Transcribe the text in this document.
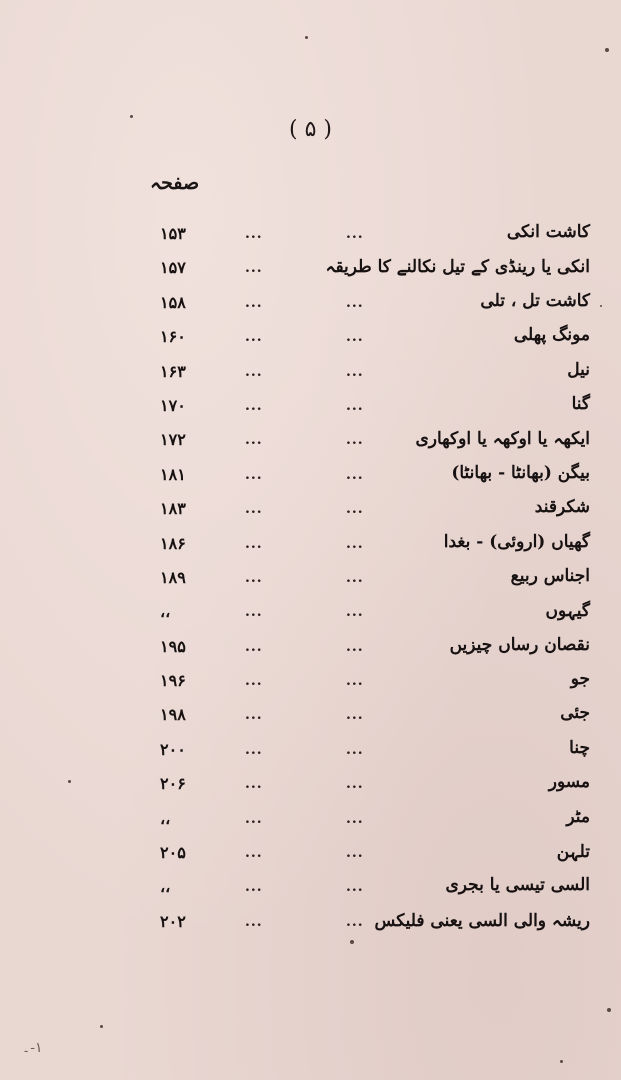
( ۵ )
صفحہ
کاشت انکی
...
...
۱۵۳
انکی یا رینڈی کے تیل نکالنے کا طریقہ
...
۱۵۷
کاشت تل ، تلی
...
...
۱۵۸
مونگ پھلی
...
...
۱۶۰
نیل
...
...
۱۶۳
گنا
...
...
۱۷۰
ایکھہ یا اوکھہ یا اوکھاری
...
...
۱۷۲
بیگن (بھانٹا - بھانٹا)
...
...
۱۸۱
شکرقند
...
...
۱۸۳
گھیاں (اروئی) - بغدا
...
...
۱۸۶
اجناس ربیع
...
...
۱۸۹
گیہوں
...
...
،،
نقصان رساں چیزیں
...
...
۱۹۵
جو
...
...
۱۹۶
جئی
...
...
۱۹۸
چنا
...
...
۲۰۰
مسور
...
...
۲۰۶
مٹر
...
...
،،
تلہن
...
...
۲۰۵
السی تیسی یا بجری
...
...
،،
ریشہ والی السی یعنی فلیکس
...
...
۲۰۲
۱-۔
